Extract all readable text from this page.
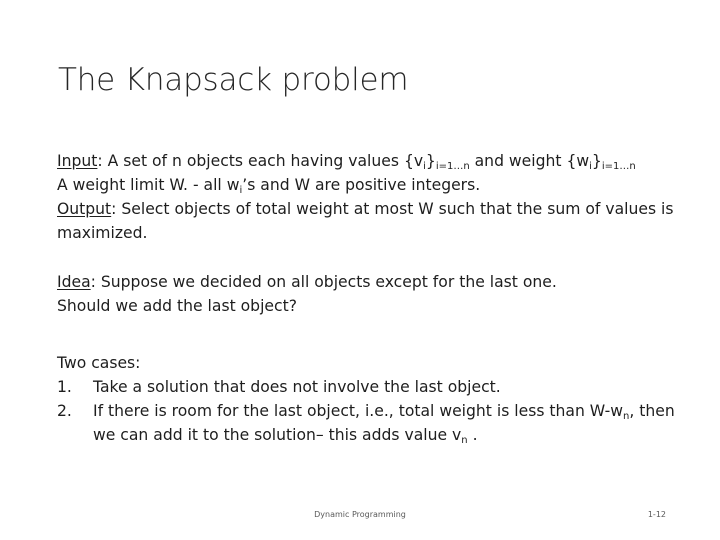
The Knapsack problem
Input: A set of n objects each having values $\{v_i\}_{i=1\dots n}$ and weight $\{w_i\}_{i=1\dots n}$
A weight limit W. - all $w_i’s$ and W are positive integers.
Output: Select objects of total weight at most W such that the sum of values is maximized.
Idea: Suppose we decided on all objects except for the last one.
Should we add the last object?
Two cases:
1.	Take a solution that does not involve the last object.
2.	If there is room for the last object, i.e., total weight is less than $W-w_n$, then we can add it to the solution– this adds value $v_n$ .
Dynamic Programming	1-12
